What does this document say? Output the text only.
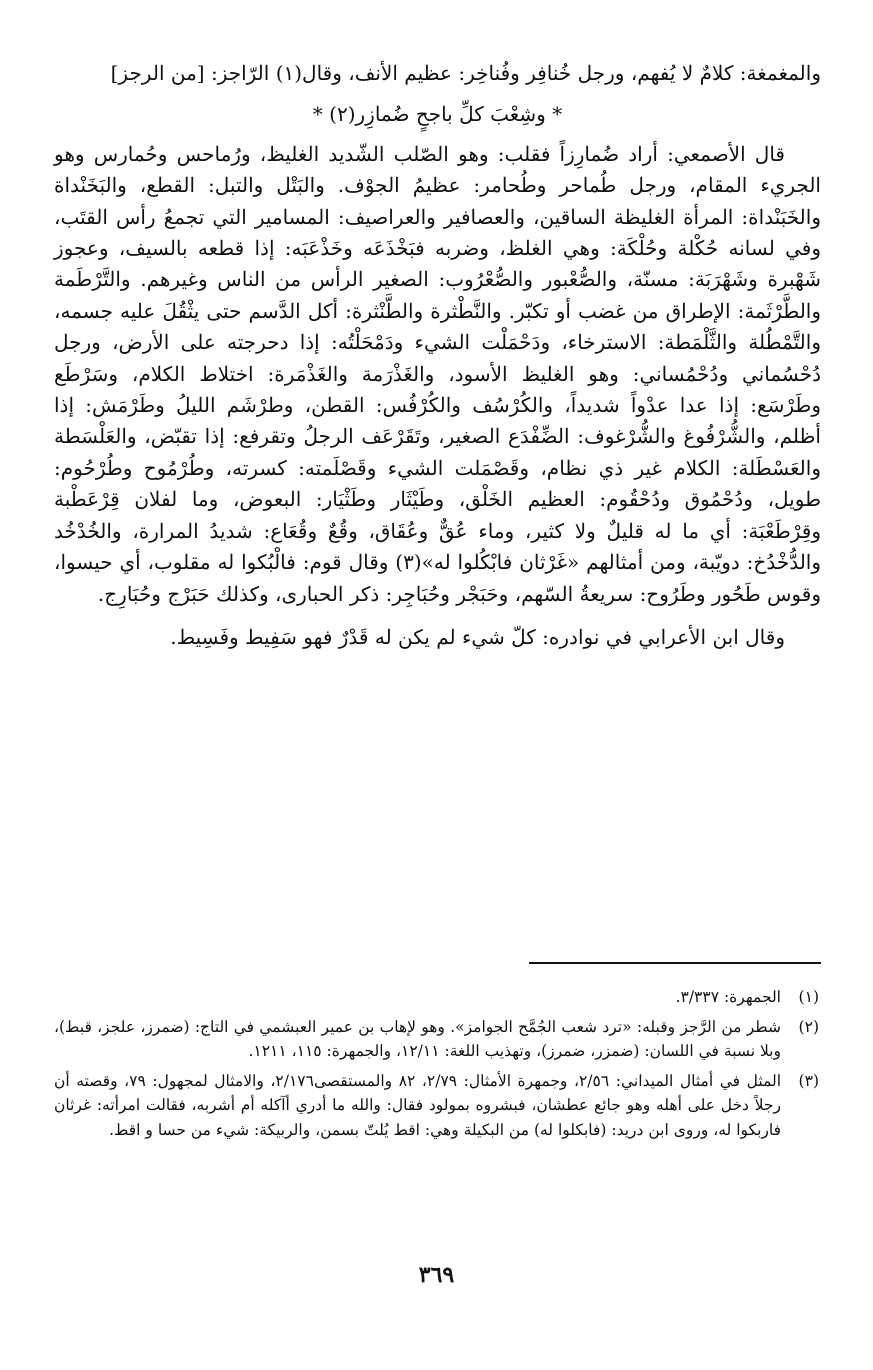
والمغمغة: كلامٌ لا يُفهم، ورجل خُنافِر وفُناخِر: عظيم الأنف، وقال(١) الرّاجز: [من الرجز]

* وشِعْبَ كلِّ باجحٍ ضُمازِر(٢) *

قال الأصمعي: أراد ضُمارِزاً فقلب: وهو الصّلب الشّديد الغليظ، ورُماحس وحُمارس وهو الجريء المقام، ورجل طُماحر وطُحامر: عظيمُ الجوْف. والبَتْل والتبل: القطع، والبَخَنْداة والخَبَنْداة: المرأة الغليظة الساقين، والعصافير والعراصيف: المسامير التي تجمعُ رأس القتَب، وفي لسانه حُكْلة وحُلْكَة: وهي الغلظ، وضربه فبَخْذَعَه وخَذْعَبَه: إذا قطعه بالسيف، وعجوز شَهْبرة وشَهْرَبَة: مسنّة، والصُّعْبور والصُّعْرُوب: الصغير الرأس من الناس وغيرهم. والتَّرْطَمة والطَّرْثَمة: الإطراق من غضب أو تكبّر. والنَّطْثرة والطَّنْثرة: أكل الدَّسم حتى يثْقُلَ عليه جسمه، والتَّمْطُلة والثَّلْمَطة: الاسترخاء، ودَحْمَلْت الشيء ودَمْحَلْتُه: إذا دحرجته على الأرض، ورجل دُحْسُماني ودُحْمُساني: وهو الغليظ الأسود، والغَذْرَمة والغَذْمَرة: اختلاط الكلام، وسَرْطَع وطَرْسَع: إذا عدا عدْواً شديداً، والكُرْسُف والكُرْفُس: القطن، وطرْشَم الليلُ وطَرْمَش: إذا أظلم، والشُّرْفُوغ والشُّرْغوف: الضِّفْدَع الصغير، وتَقَرْعَف الرجلُ وتقرفع: إذا تقبّض، والعَلْسَطة والعَسْطَلة: الكلام غير ذي نظام، وقَصْمَلت الشيء وقَصْلَمته: كسرته، وطُرْمُوح وطُرْحُوم: طويل، ودُحْمُوق ودُحْقُوم: العظيم الخَلْق، وطَيْثَار وطَثْيَار: البعوض، وما لفلان قِرْعَطْبة وقِرْطَعْبَة: أي ما له قليلٌ ولا كثير، وماء عُقٌّ وعُقَاق، وقُعٌ وقُعَاع: شديدُ المرارة، والخُدْخُد والدُّخْدُخ: دويّبة، ومن أمثالهم «غَرْثان فابْكُلوا له»(٣) وقال قوم: فالْبُكوا له مقلوب، أي حيسوا، وقوس طَحُور وطَرُوح: سريعةُ السّهم، وحَبَجْر وحُبَاجِر: ذكر الحبارى، وكذلك حَبَرْج وحُبَارِج.

وقال ابن الأعرابي في نوادره: كلّ شيء لم يكن له قَدْرٌ فهو سَفِيط وفَسِيط.

(١)
الجمهرة: ٣/٣٣٧.
(٢)
شطر من الرَّجز وقبله: «ترد شعب الجُمَّح الجوامز». وهو لإهاب بن عمير العبشمي في التاج: (ضمرز، علجز، قبط)، وبلا نسبة في اللسان: (ضمزر، ضمرز)، وتهذيب اللغة: ١٢/١١، والجمهرة: ١١٥، ١٢١١.
(٣)
المثل في أمثال الميداني: ٢/٥٦، وجمهرة الأمثال: ٢/٧٩، ٨٢ والمستقصى٢/١٧٦، والامثال لمجهول: ٧٩، وقصته أن رجلاً دخل على أهله وهو جائع عطشان، فبشروه بمولود فقال: والله ما أدري أآكله أم أشربه، فقالت امرأته: غرثان فاربكوا له، وروى ابن دريد: (فابكلوا له) من البكيلة وهي: اقط يُلتّ بسمن، والربيكة: شيء من حسا و اقط.
٣٦٩
